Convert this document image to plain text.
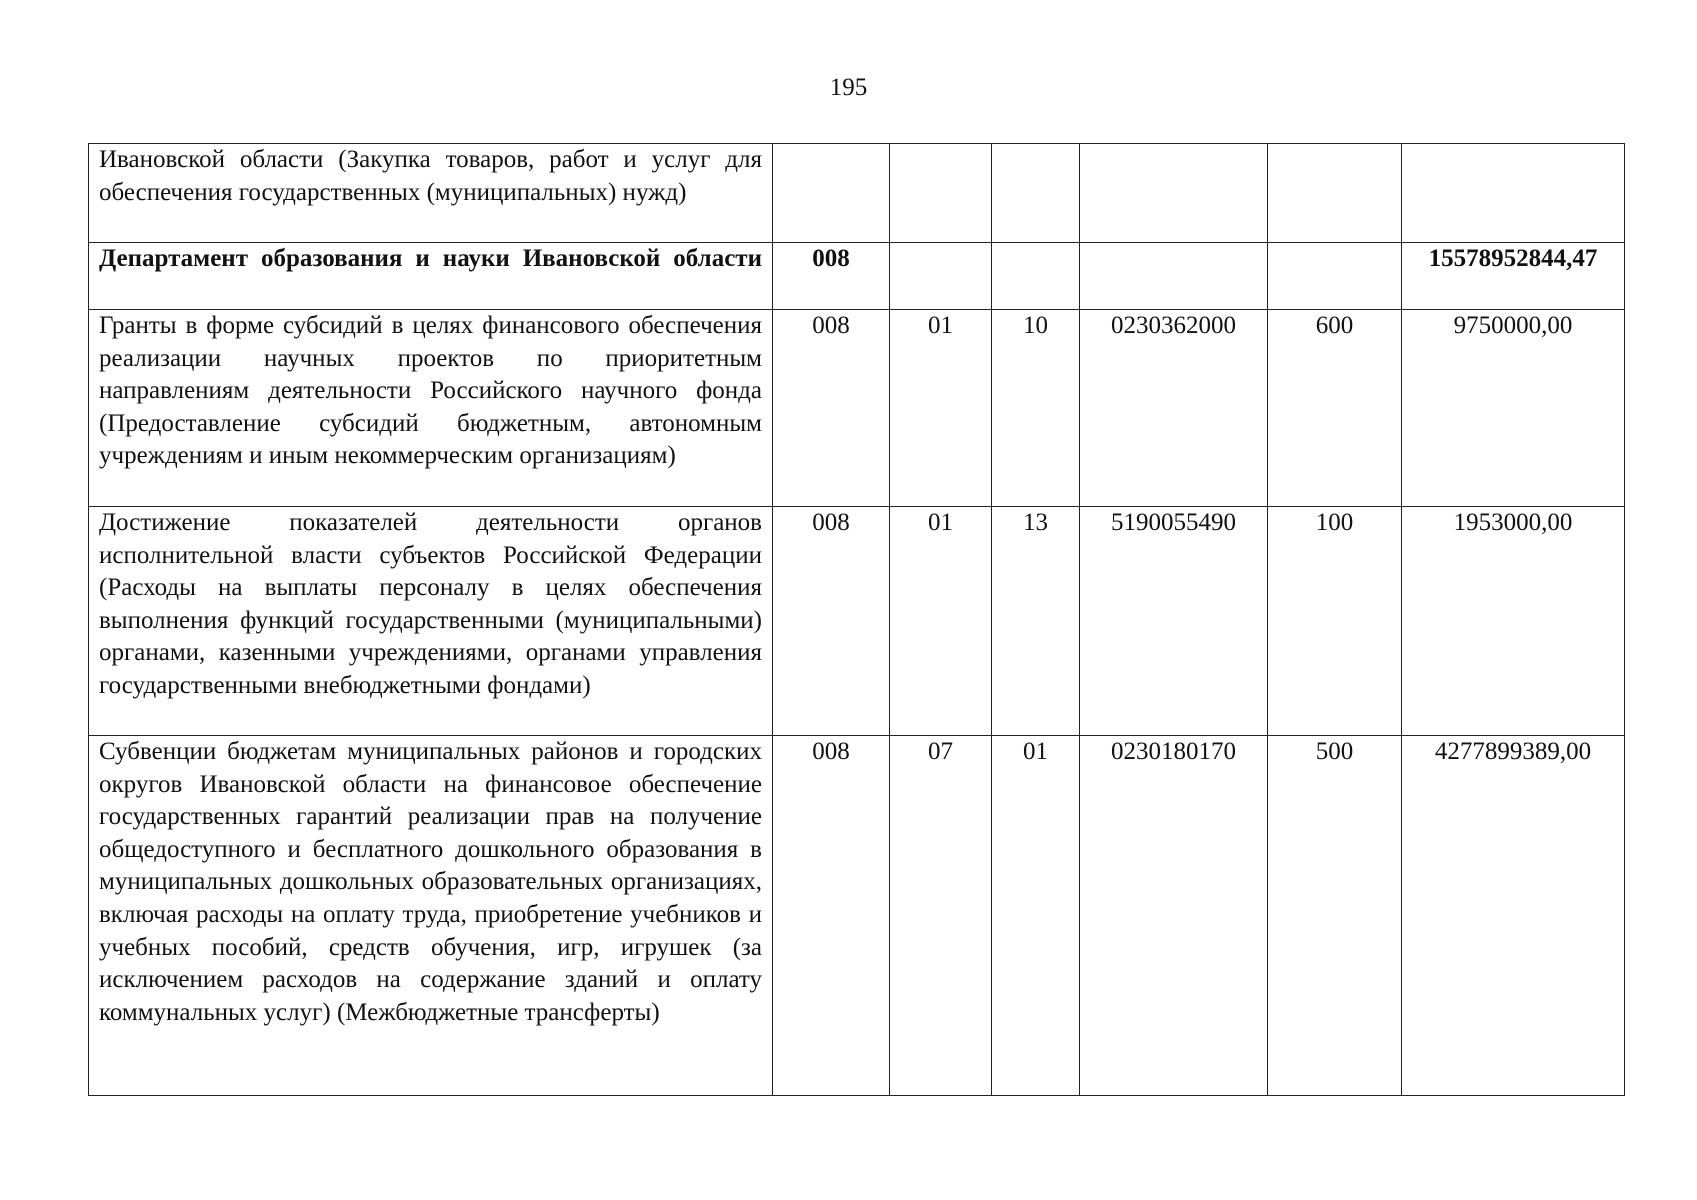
195
Ивановской области (Закупка товаров, работ и услуг для обеспечения государственных (муниципальных) нужд)						
Департамент образования и науки Ивановской области	008					15578952844,47
Гранты в форме субсидий в целях финансового обеспечения реализации научных проектов по приоритетным направлениям деятельности Российского научного фонда (Предоставление субсидий бюджетным, автономным учреждениям и иным некоммерческим организациям)	008	01	10	0230362000	600	9750000,00
Достижение показателей деятельности органов исполнительной власти субъектов Российской Федерации (Расходы на выплаты персоналу в целях обеспечения выполнения функций государственными (муниципальными) органами, казенными учреждениями, органами управления государственными внебюджетными фондами)	008	01	13	5190055490	100	1953000,00
Субвенции бюджетам муниципальных районов и городских округов Ивановской области на финансовое обеспечение государственных гарантий реализации прав на получение общедоступного и бесплатного дошкольного образования в муниципальных дошкольных образовательных организациях, включая расходы на оплату труда, приобретение учебников и учебных пособий, средств обучения, игр, игрушек (за исключением расходов на содержание зданий и оплату коммунальных услуг) (Межбюджетные трансферты)	008	07	01	0230180170	500	4277899389,00
